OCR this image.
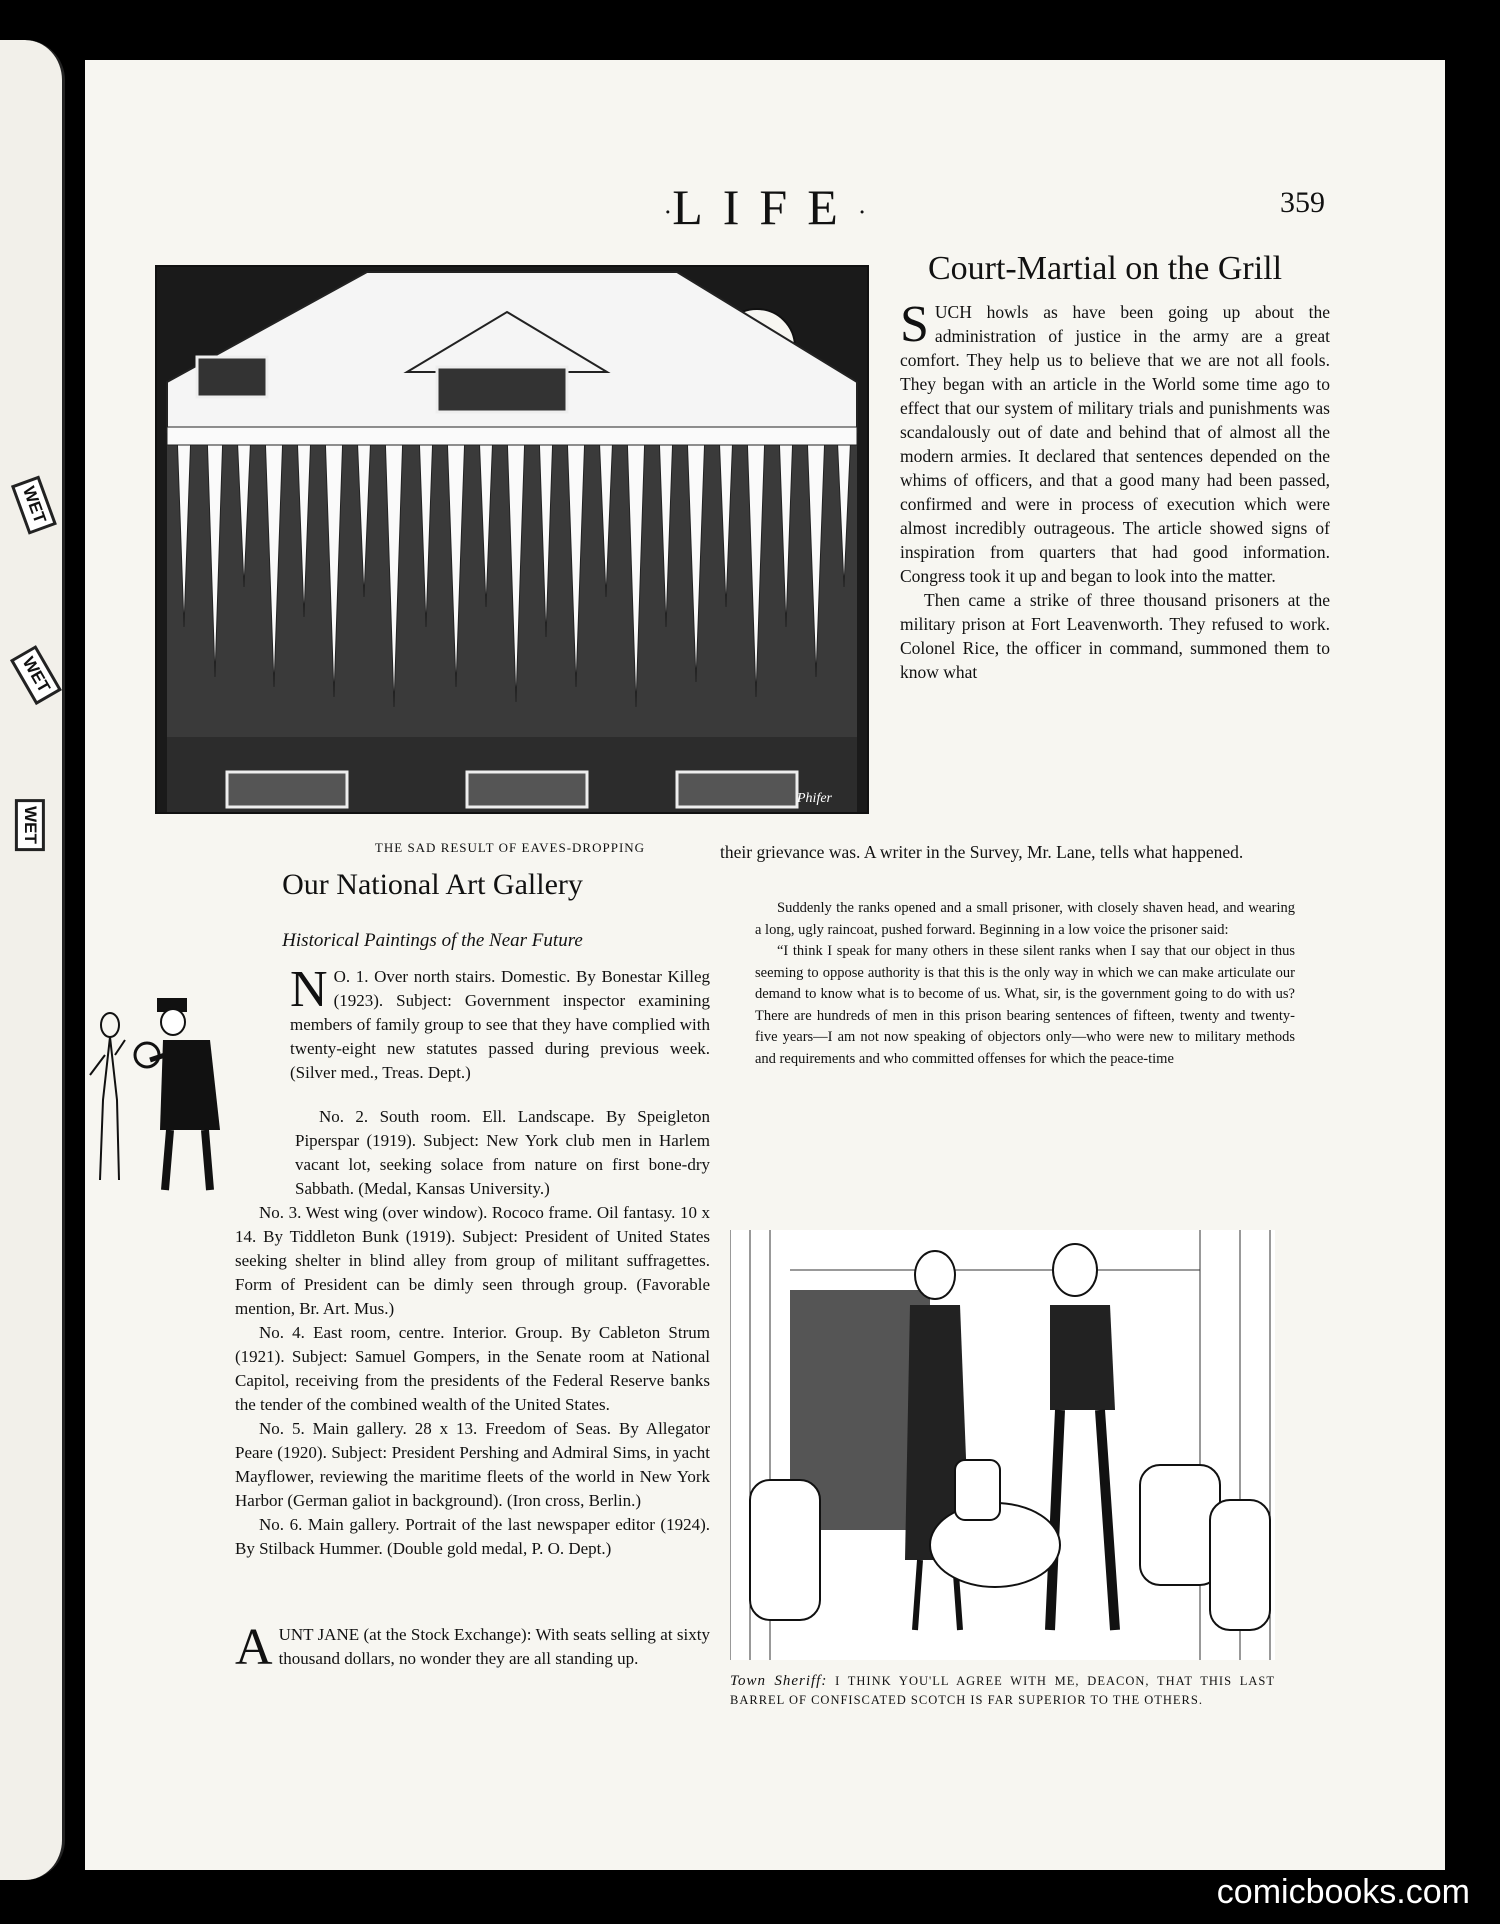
WET
WET
WET
·LIFE·	359
Phifer
THE SAD RESULT OF EAVES-DROPPING
Court-Martial on the Grill

SUCH howls as have been going up about the administration of justice in the army are a great comfort. They help us to believe that we are not all fools. They began with an article in the World some time ago to effect that our system of military trials and punishments was scandalously out of date and behind that of almost all the modern armies. It declared that sentences depended on the whims of officers, and that a good many had been passed, confirmed and were in process of execution which were almost incredibly outrageous. The article showed signs of inspiration from quarters that had good information. Congress took it up and began to look into the matter.

Then came a strike of three thousand prisoners at the military prison at Fort Leavenworth. They refused to work. Colonel Rice, the officer in command, summoned them to know what

their grievance was. A writer in the Survey, Mr. Lane, tells what happened.

Suddenly the ranks opened and a small prisoner, with closely shaven head, and wearing a long, ugly raincoat, pushed forward. Beginning in a low voice the prisoner said:

“I think I speak for many others in these silent ranks when I say that our object in thus seeming to oppose authority is that this is the only way in which we can make articulate our demand to know what is to become of us. What, sir, is the government going to do with us? There are hundreds of men in this prison bearing sentences of fifteen, twenty and twenty-five years—I am not now speaking of objectors only—who were new to military methods and requirements and who committed offenses for which the peace-time

Our National Art Gallery
Historical Paintings of the Near Future

N O. 1. Over north stairs. Domestic. By Bonestar Killeg (1923). Subject: Government inspector examining members of family group to see that they have complied with twenty-eight new statutes passed during previous week. (Silver med., Treas. Dept.)

No. 2. South room. Ell. Landscape. By Speigleton Piperspar (1919). Subject: New York club men in Harlem vacant lot, seeking solace from nature on first bone-dry Sabbath. (Medal, Kansas University.)

No. 3. West wing (over window). Rococo frame. Oil fantasy. 10 x 14. By Tiddleton Bunk (1919). Subject: President of United States seeking shelter in blind alley from group of militant suffragettes. Form of President can be dimly seen through group. (Favorable mention, Br. Art. Mus.)

No. 4. East room, centre. Interior. Group. By Cableton Strum (1921). Subject: Samuel Gompers, in the Senate room at National Capitol, receiving from the presidents of the Federal Reserve banks the tender of the combined wealth of the United States.

No. 5. Main gallery. 28 x 13. Freedom of Seas. By Allegator Peare (1920). Subject: President Pershing and Admiral Sims, in yacht Mayflower, reviewing the maritime fleets of the world in New York Harbor (German galiot in background). (Iron cross, Berlin.)

No. 6. Main gallery. Portrait of the last newspaper editor (1924). By Stilback Hummer. (Double gold medal, P. O. Dept.)

AUNT JANE (at the Stock Exchange): With seats selling at sixty thousand dollars, no wonder they are all standing up.

Town Sheriff: I THINK YOU'LL AGREE WITH ME, DEACON, THAT THIS LAST BARREL OF CONFISCATED SCOTCH IS FAR SUPERIOR TO THE OTHERS.
comicbooks.com
